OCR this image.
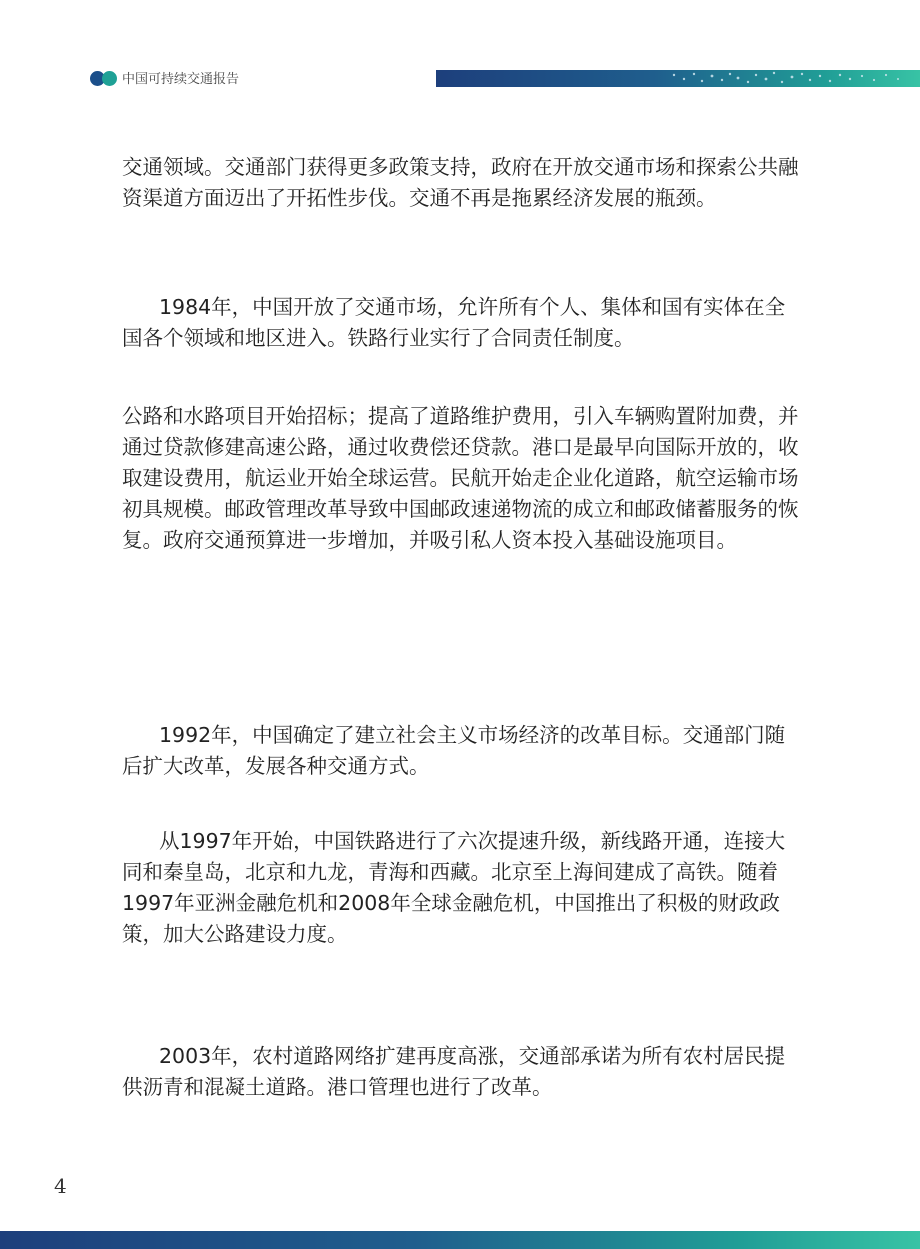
中国可持续交通报告

交通领域。交通部门获得更多政策支持，政府在开放交通市场和探索公共融资渠道方面迈出了开拓性步伐。交通不再是拖累经济发展的瓶颈。

1984年，中国开放了交通市场，允许所有个人、集体和国有实体在全国各个领域和地区进入。铁路行业实行了合同责任制度。

公路和水路项目开始招标；提高了道路维护费用，引入车辆购置附加费，并通过贷款修建高速公路，通过收费偿还贷款。港口是最早向国际开放的，收取建设费用，航运业开始全球运营。民航开始走企业化道路，航空运输市场初具规模。邮政管理改革导致中国邮政速递物流的成立和邮政储蓄服务的恢复。政府交通预算进一步增加，并吸引私人资本投入基础设施项目。

1992年，中国确定了建立社会主义市场经济的改革目标。交通部门随后扩大改革，发展各种交通方式。

从1997年开始，中国铁路进行了六次提速升级，新线路开通，连接大同和秦皇岛，北京和九龙，青海和西藏。北京至上海间建成了高铁。随着1997年亚洲金融危机和2008年全球金融危机，中国推出了积极的财政政策，加大公路建设力度。

2003年，农村道路网络扩建再度高涨，交通部承诺为所有农村居民提供沥青和混凝土道路。港口管理也进行了改革。

4
